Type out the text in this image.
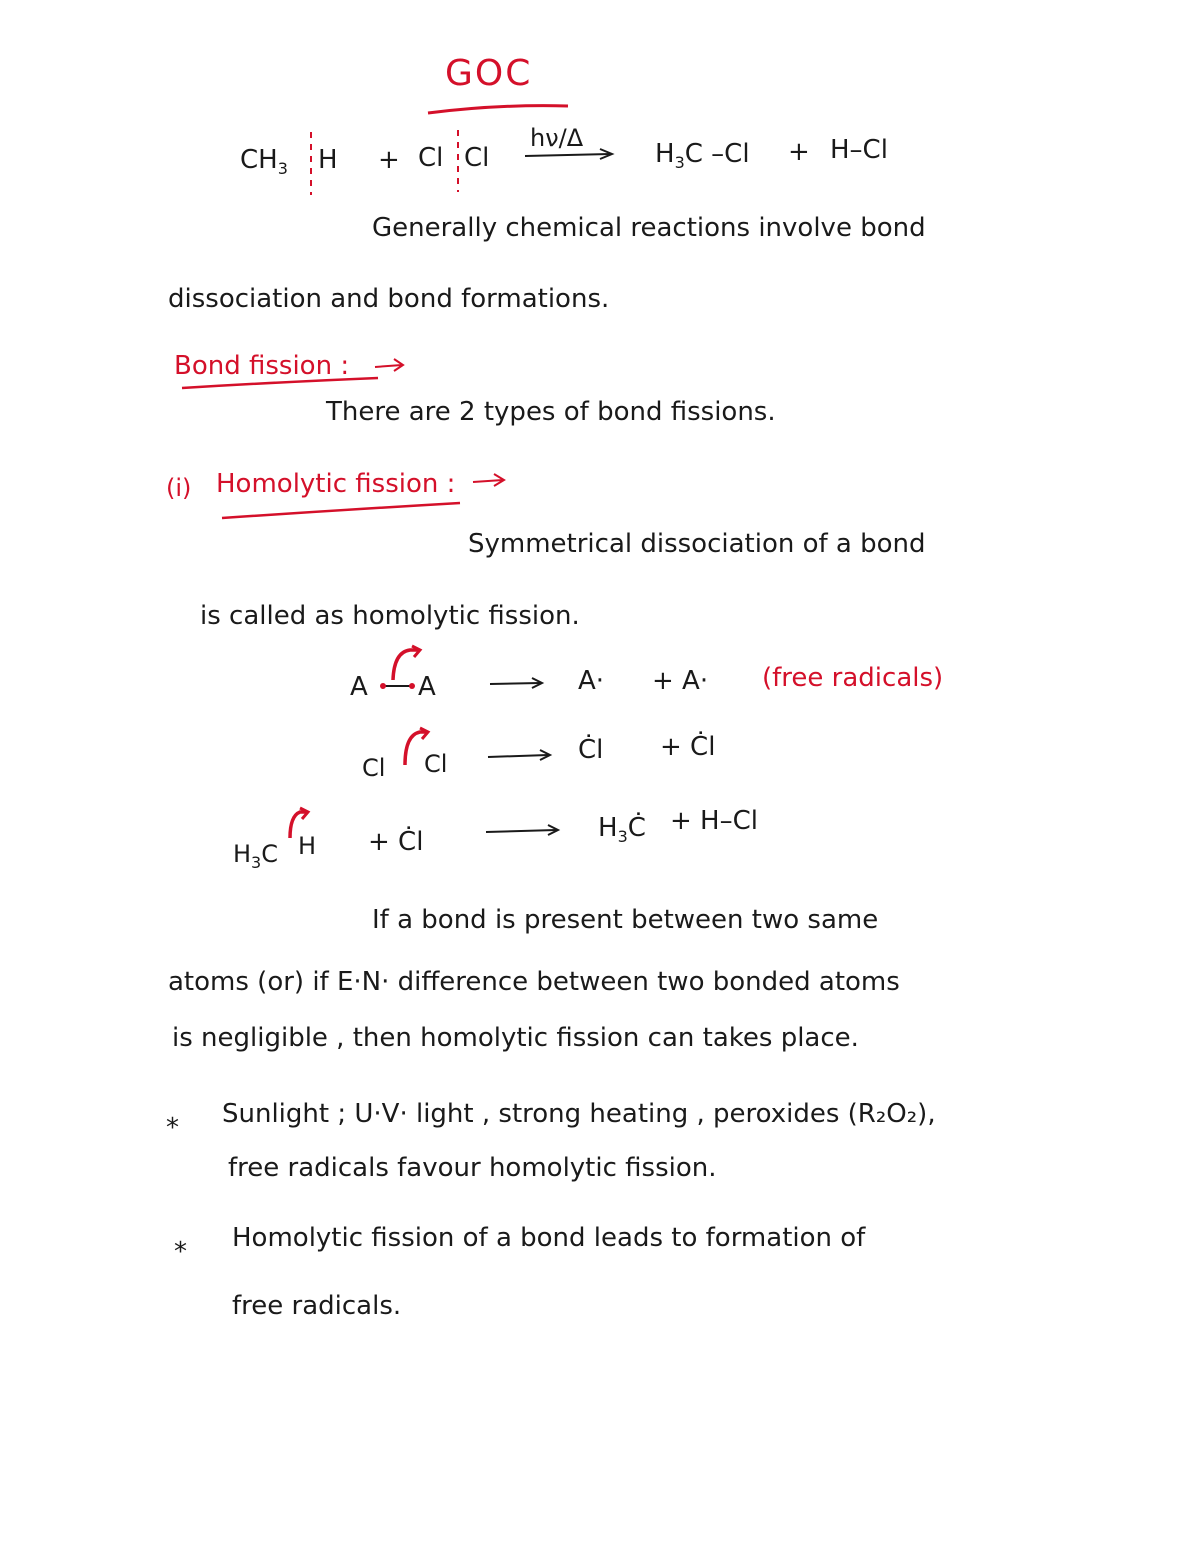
GOC
$CH_3$ H + Cl Cl
hν/Δ
$H_3C$ –Cl + H–Cl
Generally chemical reactions involve bond
dissociation and bond formations.
Bond fission :
There are 2 types of bond fissions.
(i) Homolytic fission :
Symmetrical dissociation of a bond
is called as homolytic fission.
A A	A· + A· (free radicals)
Cl Cl	Ċl + Ċl
$H_3C$ H + Ċl	$H_3Ċ + H-Cl$
If a bond is present between two same
atoms (or) if E·N· difference between two bonded atoms
is negligible , then homolytic fission can takes place.
* Sunlight ; U·V· light , strong heating , peroxides (R₂O₂),
free radicals favour homolytic fission.
* Homolytic fission of a bond leads to formation of
free radicals.
